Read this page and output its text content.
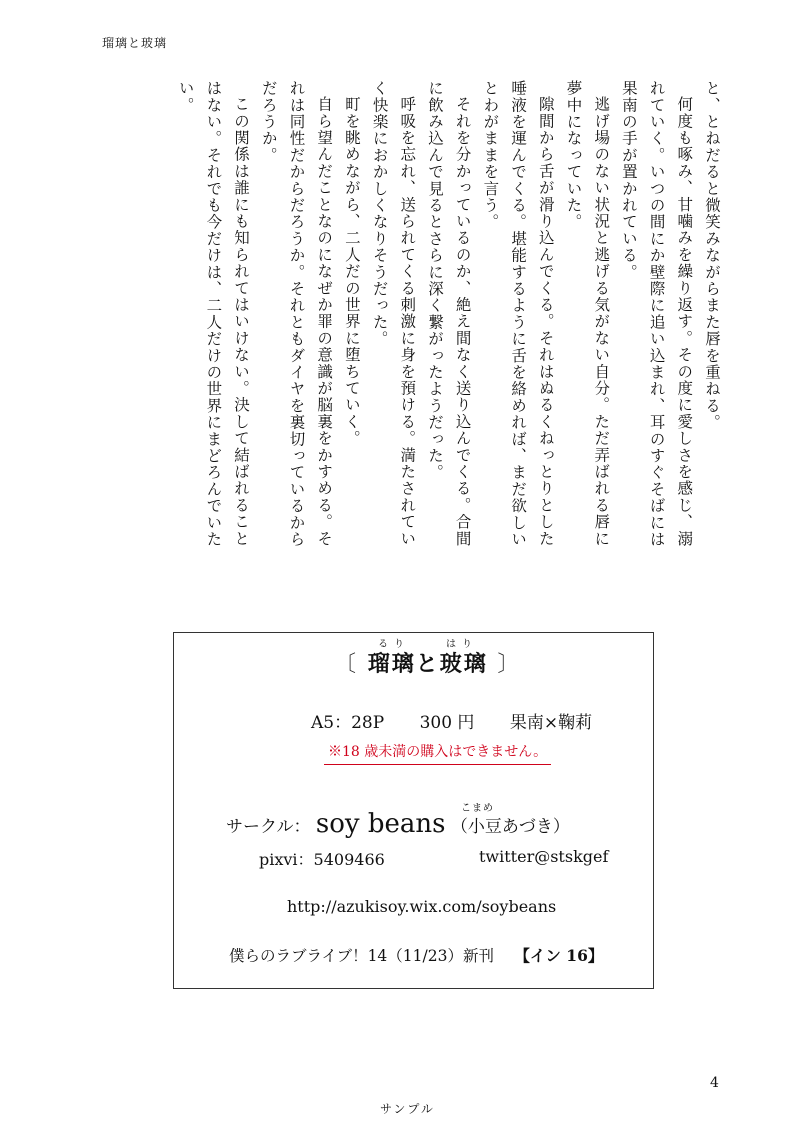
瑠璃と玻璃

と、とねだると微笑みながらまた唇を重ねる。

何度も啄み、甘噛みを繰り返す。その度に愛しさを感じ、溺れていく。いつの間にか壁際に追い込まれ、耳のすぐそばには果南の手が置かれている。

逃げ場のない状況と逃げる気がない自分。ただ弄ばれる唇に夢中になっていた。

隙間から舌が滑り込んでくる。それはぬるくねっとりとした唾液を運んでくる。堪能するように舌を絡めれば、まだ欲しいとわがままを言う。

それを分かっているのか、絶え間なく送り込んでくる。合間に飲み込んで見るとさらに深く繋がったようだった。

呼吸を忘れ、送られてくる刺激に身を預ける。満たされていく快楽におかしくなりそうだった。

町を眺めながら、二人だの世界に堕ちていく。

自ら望んだことなのになぜか罪の意識が脳裏をかすめる。それは同性だからだろうか。それともダイヤを裏切っているからだろうか。

この関係は誰にも知られてはいけない。決して結ばれることはない。それでも今だけは、二人だけの世界にまどろんでいたい。

るり	はり
〔 瑠璃と玻璃 〕
A5：28P 300 円 果南×鞠莉
※18 歳未満の購入はできません。
こまめ
サークル： soy beans （小豆あづき）
pixvi：5409466	twitter@stskgef
http://azukisoy.wix.com/soybeans
僕らのラブライブ！14（11/23）新刊　 【イン 16】
4
サンプル
